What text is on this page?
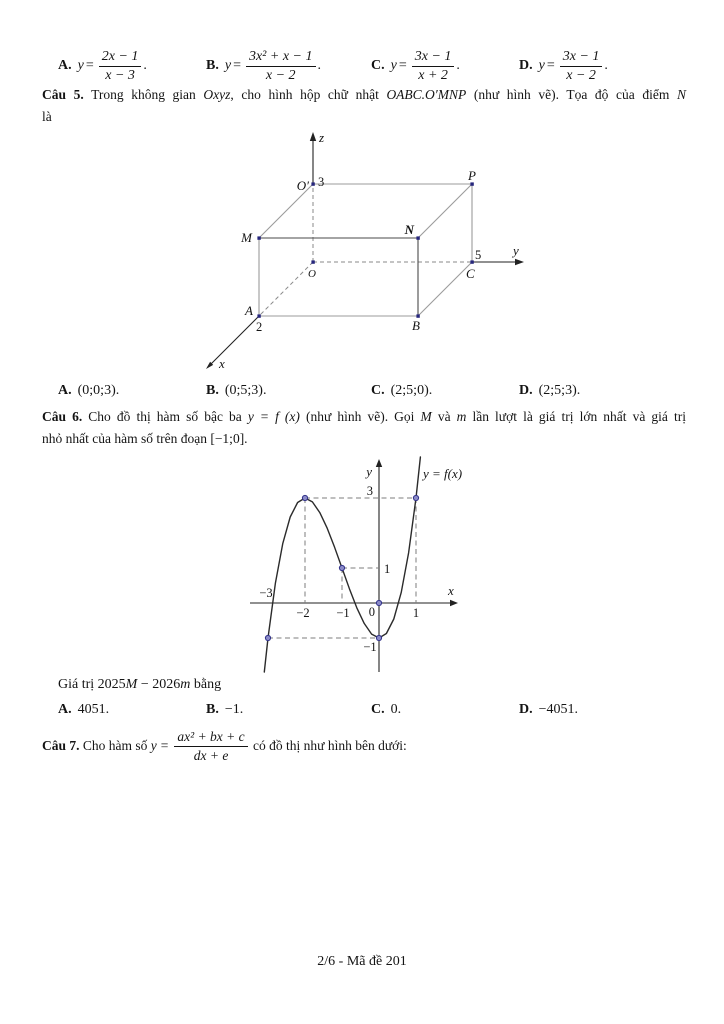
A. $y = \frac{2x - 1}{x - 3}$ .	B. $y = \frac{\text{3x² + x − 1}}{x - 2}$ .	C. $y = \frac{3x - 1}{x + 2}$ .	D. $y = \frac{3x - 1}{x - 2}$ .
Câu 5. Trong không gian Oxyz, cho hình hộp chữ nhật OABC.O′MNP (như hình vẽ). Tọa độ của điểm N
là
z
y
x
O′
P
M
N
O	C
A
B
3
5
2
A. (0;0;3).	B. (0;5;3).	C. (2;5;0).	D. (2;5;3).
Câu 6. Cho đồ thị hàm số bậc ba y = f (x) (như hình vẽ). Gọi M và m lần lượt là giá trị lớn nhất và giá trị
nhỏ nhất của hàm số trên đoạn [−1;0].
y
x
y = f(x)
3
1
0
−3
−2 −1	1
−1
Giá trị 2025M − 2026m bằng
A. 4051.	B. −1.	C. 0.	D. −4051.
Câu 7. Cho hàm số $y = \frac{\text{ax² + bx + c}}{dx + e}$ có đồ thị như hình bên dưới:
2/6 - Mã đề 201
